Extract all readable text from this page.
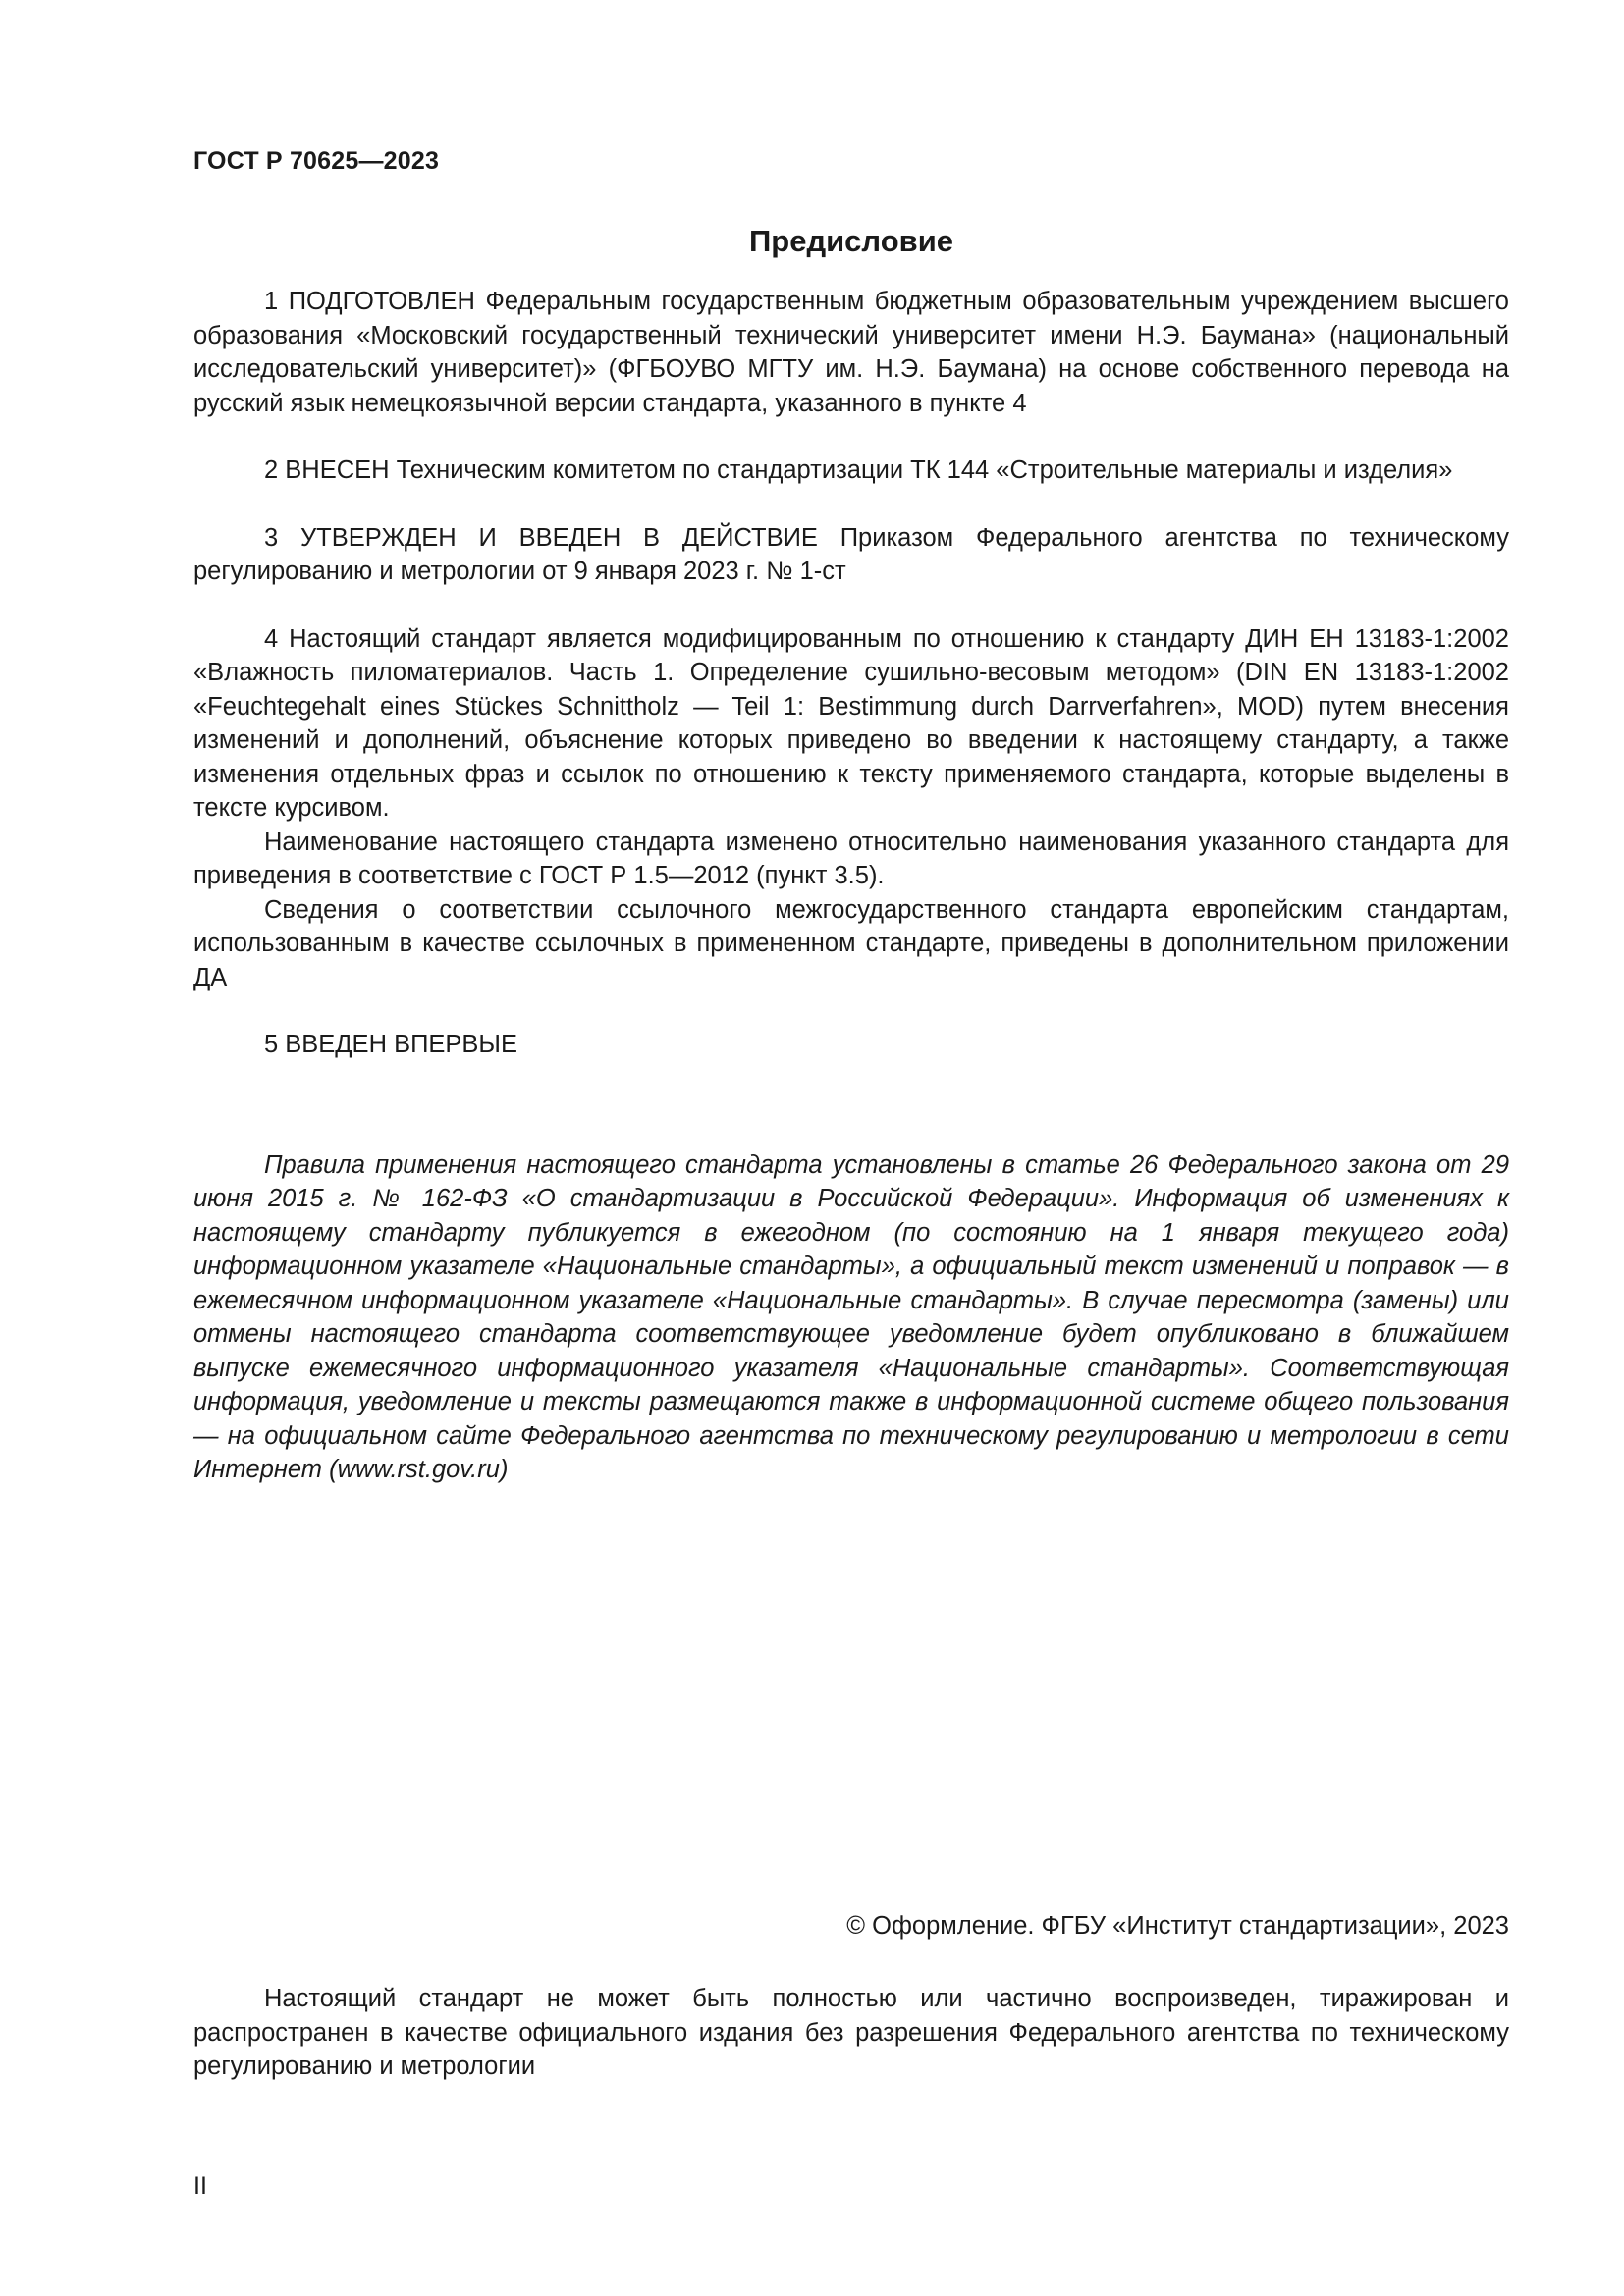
ГОСТ Р 70625—2023
Предисловие

1 ПОДГОТОВЛЕН Федеральным государственным бюджетным образовательным учреждением высшего образования «Московский государственный технический университет имени Н.Э. Баумана» (национальный исследовательский университет)» (ФГБОУВО МГТУ им. Н.Э. Баумана) на основе собственного перевода на русский язык немецкоязычной версии стандарта, указанного в пункте 4

2 ВНЕСЕН Техническим комитетом по стандартизации ТК 144 «Строительные материалы и изделия»

3 УТВЕРЖДЕН И ВВЕДЕН В ДЕЙСТВИЕ Приказом Федерального агентства по техническому регулированию и метрологии от 9 января 2023 г. № 1-ст

4 Настоящий стандарт является модифицированным по отношению к стандарту ДИН ЕН 13183-1:2002 «Влажность пиломатериалов. Часть 1. Определение сушильно-весовым методом» (DIN EN 13183-1:2002 «Feuchtegehalt eines Stückes Schnittholz — Teil 1: Bestimmung durch Darrverfahren», MOD) путем внесения изменений и дополнений, объяснение которых приведено во введении к настоящему стандарту, а также изменения отдельных фраз и ссылок по отношению к тексту применяемого стандарта, которые выделены в тексте курсивом.

Наименование настоящего стандарта изменено относительно наименования указанного стандарта для приведения в соответствие с ГОСТ Р 1.5—2012 (пункт 3.5).

Сведения о соответствии ссылочного межгосударственного стандарта европейским стандартам, использованным в качестве ссылочных в примененном стандарте, приведены в дополнительном приложении ДА

5 ВВЕДЕН ВПЕРВЫЕ

Правила применения настоящего стандарта установлены в статье 26 Федерального закона от 29 июня 2015 г. № 162-ФЗ «О стандартизации в Российской Федерации». Информация об изменениях к настоящему стандарту публикуется в ежегодном (по состоянию на 1 января текущего года) информационном указателе «Национальные стандарты», а официальный текст изменений и поправок — в ежемесячном информационном указателе «Национальные стандарты». В случае пересмотра (замены) или отмены настоящего стандарта соответствующее уведомление будет опубликовано в ближайшем выпуске ежемесячного информационного указателя «Национальные стандарты». Соответствующая информация, уведомление и тексты размещаются также в информационной системе общего пользования — на официальном сайте Федерального агентства по техническому регулированию и метрологии в сети Интернет (www.rst.gov.ru)

© Оформление. ФГБУ «Институт стандартизации», 2023

Настоящий стандарт не может быть полностью или частично воспроизведен, тиражирован и распространен в качестве официального издания без разрешения Федерального агентства по техническому регулированию и метрологии

II
